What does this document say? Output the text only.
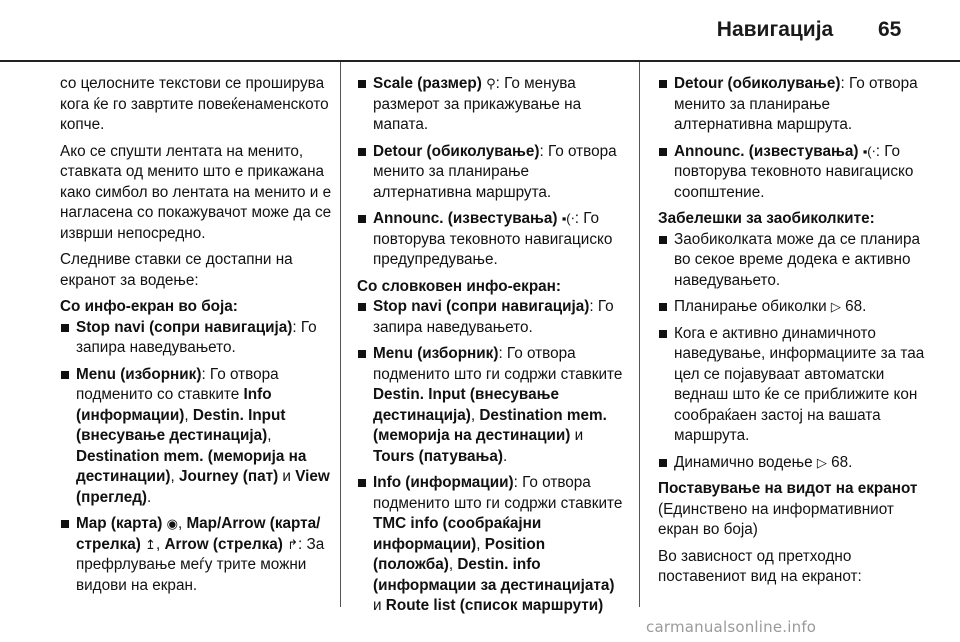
Навигација	65

со целосните текстови се проширува кога ќе го завртите повеќенаменското копче.

Ако се спушти лентата на менито, ставката од менито што е прикажана како симбол во лентата на менито и е нагласена со покажувачот може да се изврши непосредно.

Следниве ставки се достапни на екранот за водење:

Со инфо-екран во боја:
Stop navi (сопри навигација): Го запира наведувањето.
Menu (изборник): Го отвора подменито со ставките Info (информации), Destin. Input (внесување дестинација), Destination mem. (меморија на дестинации), Journey (пат) и View (преглед).
Map (карта) ◉, Map/Arrow (карта/стрелка) ↥, Arrow (стрелка) ↱: За префрлување меѓу трите можни видови на екран.
Scale (размер) ⚲: Го менува размерот за прикажување на мапата.
Detour (обиколување): Го отвора менито за планирање алтернативна маршрута.
Announc. (известувања) ▪(⋅: Го повторува тековното навигациско предупредување.
Со словковен инфо-екран:
Stop navi (сопри навигација): Го запира наведувањето.
Menu (изборник): Го отвора подменито што ги содржи ставките Destin. Input (внесување дестинација), Destination mem. (меморија на дестинации) и Tours (патувања).
Info (информации): Го отвора подменито што ги содржи ставките TMC info (сообраќајни информации), Position (положба), Destin. info (информации за дестинацијата) и Route list (список маршрути)
Detour (обиколување): Го отвора менито за планирање алтернативна маршрута.
Announc. (известувања) ▪(⋅: Го повторува тековното навигациско соопштение.
Забелешки за заобиколките:
Заобиколката може да се планира во секое време додека е активно наведувањето.
Планирање обиколки ▷ 68.
Кога е активно динамичното наведување, информациите за таа цел се појавуваат автоматски веднаш што ќе се приближите кон сообраќаен застој на вашата маршрута.
Динамично водење ▷ 68.
Поставување на видот на екранот

(Единствено на информативниот екран во боја)

Во зависност од претходно поставениот вид на екранот:

carmanualsonline.info
